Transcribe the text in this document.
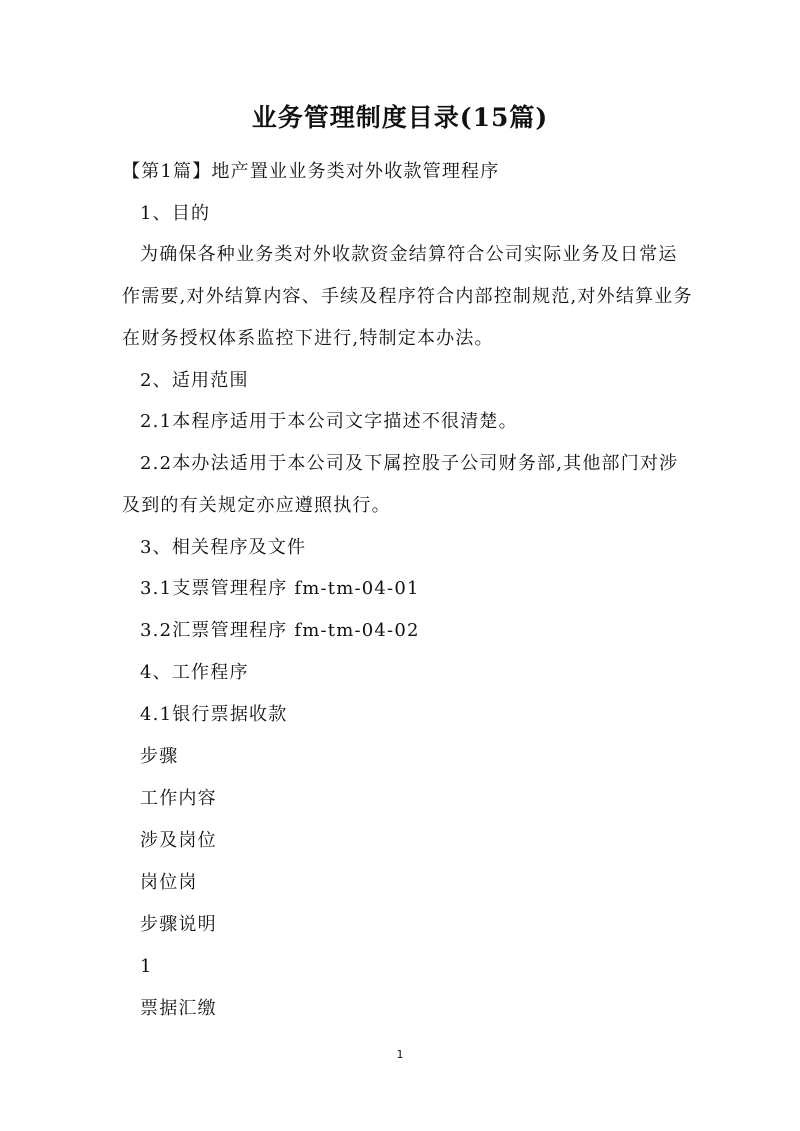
业务管理制度目录(15篇)
【第1篇】地产置业业务类对外收款管理程序
1、目的
为确保各种业务类对外收款资金结算符合公司实际业务及日常运
作需要,对外结算内容、手续及程序符合内部控制规范,对外结算业务
在财务授权体系监控下进行,特制定本办法。
2、适用范围
2.1本程序适用于本公司文字描述不很清楚。
2.2本办法适用于本公司及下属控股子公司财务部,其他部门对涉
及到的有关规定亦应遵照执行。
3、相关程序及文件
3.1支票管理程序 fm-tm-04-01
3.2汇票管理程序 fm-tm-04-02
4、工作程序
4.1银行票据收款
步骤
工作内容
涉及岗位
岗位岗
步骤说明
1
票据汇缴
1
